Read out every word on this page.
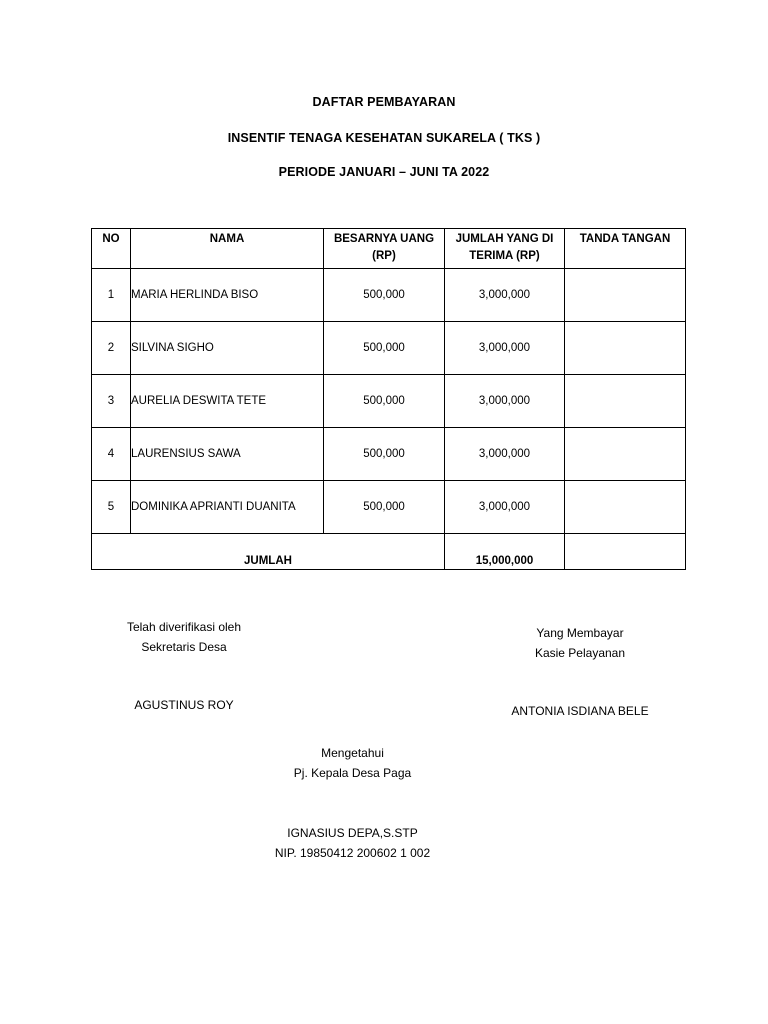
DAFTAR PEMBAYARAN
INSENTIF TENAGA KESEHATAN SUKARELA ( TKS )
PERIODE JANUARI – JUNI TA 2022
NO	NAMA	BESARNYA UANG (RP)	JUMLAH YANG DI TERIMA (RP)	TANDA TANGAN
1	MARIA HERLINDA BISO	500,000	3,000,000	
2	SILVINA SIGHO	500,000	3,000,000	
3	AURELIA DESWITA TETE	500,000	3,000,000	
4	LAURENSIUS SAWA	500,000	3,000,000	
5	DOMINIKA APRIANTI DUANITA	500,000	3,000,000	
JUMLAH			15,000,000	
Telah diverifikasi oleh
Sekretaris Desa
AGUSTINUS ROY
Yang Membayar
Kasie Pelayanan
ANTONIA ISDIANA BELE
Mengetahui
Pj. Kepala Desa Paga
IGNASIUS DEPA,S.STP
NIP. 19850412 200602 1 002
